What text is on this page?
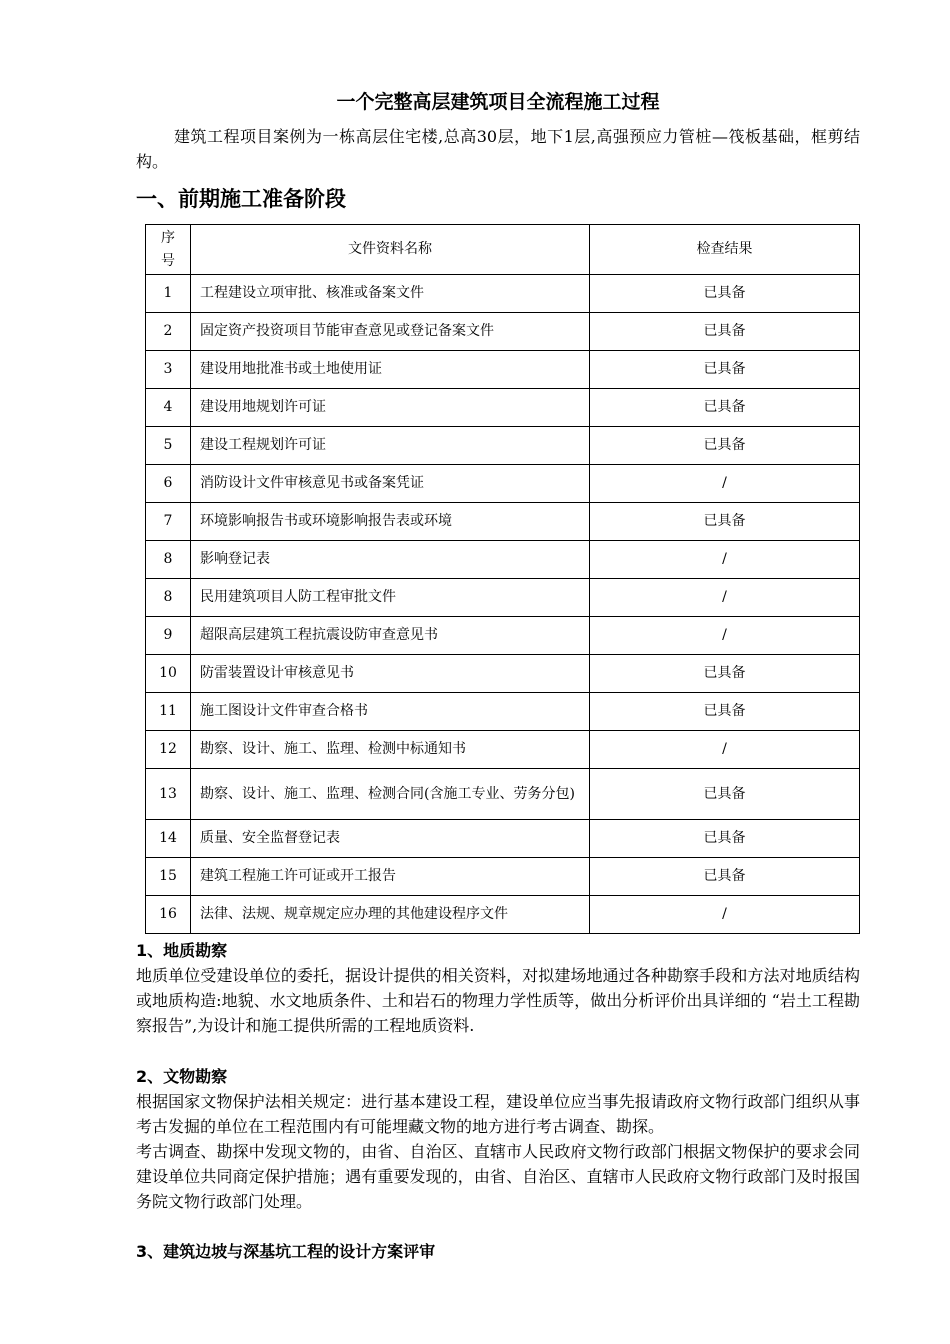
一个完整高层建筑项目全流程施工过程
建筑工程项目案例为一栋高层住宅楼,总高30层，地下1层,高强预应力管桩—筏板基础，框剪结构。
一、前期施工准备阶段
序号	文件资料名称	检查结果
1	工程建设立项审批、核准或备案文件	已具备
2	固定资产投资项目节能审查意见或登记备案文件	已具备
3	建设用地批准书或土地使用证	已具备
4	建设用地规划许可证	已具备
5	建设工程规划许可证	已具备
6	消防设计文件审核意见书或备案凭证	/
7	环境影响报告书或环境影响报告表或环境	已具备
8	影响登记表	/
8	民用建筑项目人防工程审批文件	/
9	超限高层建筑工程抗震设防审查意见书	/
10	防雷装置设计审核意见书	已具备
11	施工图设计文件审查合格书	已具备
12	勘察、设计、施工、监理、检测中标通知书	/
13	勘察、设计、施工、监理、检测合同(含施工专业、劳务分包)	已具备
14	质量、安全监督登记表	已具备
15	建筑工程施工许可证或开工报告	已具备
16	法律、法规、规章规定应办理的其他建设程序文件	/
1、地质勘察
地质单位受建设单位的委托，据设计提供的相关资料，对拟建场地通过各种勘察手段和方法对地质结构或地质构造:地貌、水文地质条件、土和岩石的物理力学性质等，做出分析评价出具详细的 “岩土工程勘察报告”,为设计和施工提供所需的工程地质资料.
2、文物勘察
根据国家文物保护法相关规定：进行基本建设工程，建设单位应当事先报请政府文物行政部门组织从事考古发掘的单位在工程范围内有可能埋藏文物的地方进行考古调查、勘探。
考古调查、勘探中发现文物的，由省、自治区、直辖市人民政府文物行政部门根据文物保护的要求会同建设单位共同商定保护措施；遇有重要发现的，由省、自治区、直辖市人民政府文物行政部门及时报国务院文物行政部门处理。
3、建筑边坡与深基坑工程的设计方案评审
